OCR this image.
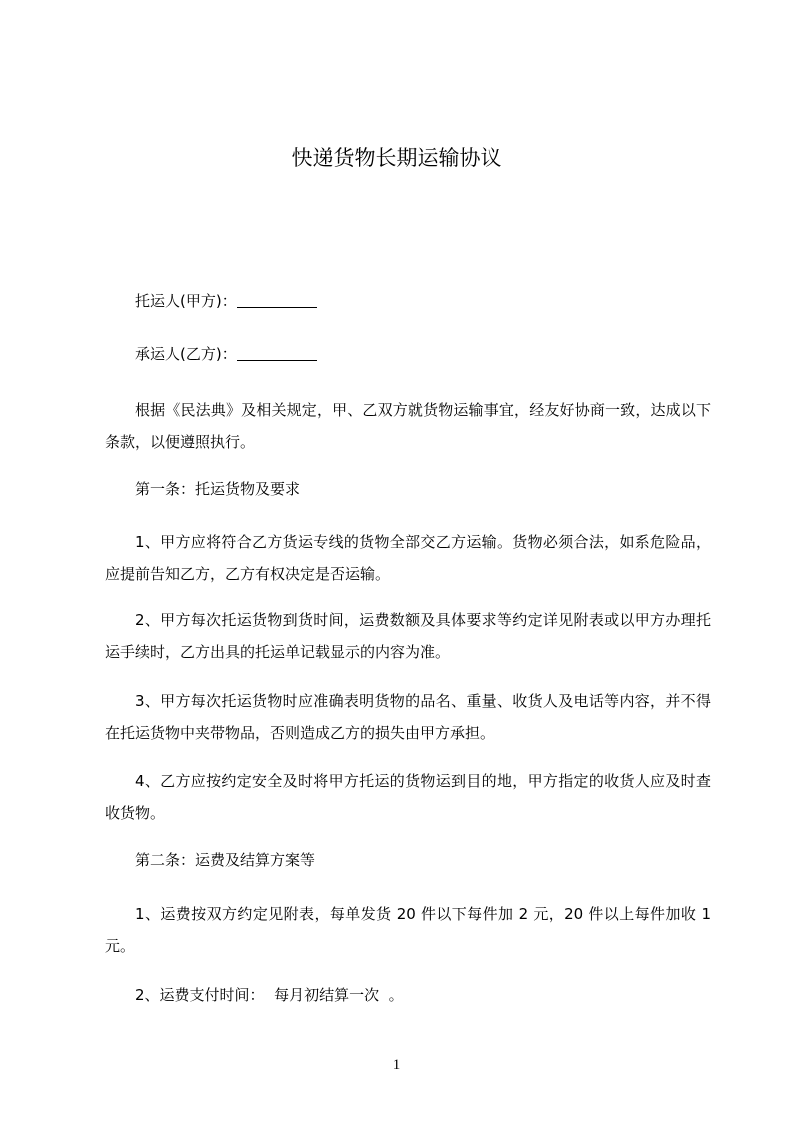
快递货物长期运输协议
托运人(甲方)：
承运人(乙方)：
根据《民法典》及相关规定，甲、乙双方就货物运输事宜，经友好协商一致，达成以下条款，以便遵照执行。
第一条：托运货物及要求
1、甲方应将符合乙方货运专线的货物全部交乙方运输。货物必须合法，如系危险品，应提前告知乙方，乙方有权决定是否运输。
2、甲方每次托运货物到货时间，运费数额及具体要求等约定详见附表或以甲方办理托运手续时，乙方出具的托运单记载显示的内容为准。
3、甲方每次托运货物时应准确表明货物的品名、重量、收货人及电话等内容，并不得在托运货物中夹带物品，否则造成乙方的损失由甲方承担。
4、乙方应按约定安全及时将甲方托运的货物运到目的地，甲方指定的收货人应及时查收货物。
第二条：运费及结算方案等
1、运费按双方约定见附表，每单发货 20 件以下每件加 2 元，20 件以上每件加收 1 元。
2、运费支付时间：  每月初结算一次  。
1
